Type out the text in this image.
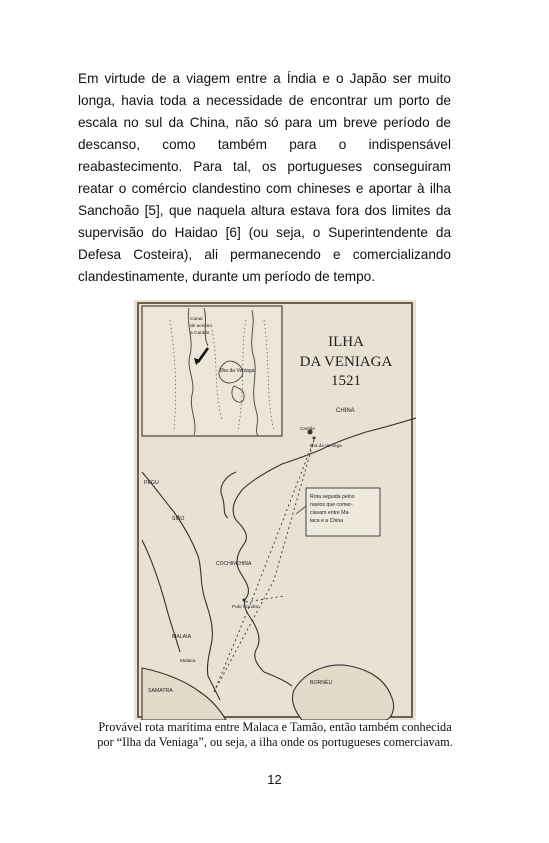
Em virtude de a viagem entre a Índia e o Japão ser muito
longa, havia toda a necessidade de encontrar um porto de
escala no sul da China, não só para um breve período de
descanso, como também para o indispensável
reabastecimento. Para tal, os portugueses conseguiram
reatar o comércio clandestino com chineses e aportar à ilha
Sanchoão [5], que naquela altura estava fora dos limites da
supervisão do Haidao [6] (ou seja, o Superintendente da
Defesa Costeira), ali permanecendo e comercializando
clandestinamente, durante um período de tempo.
Canal
de acesso
a Cantão
Ilha da Veniaga
ILHA
DA VENIAGA
1521
Rota seguida pelos
navios que comer-
ciavam entre Ma-
laca e a China
CHINA
Cantão
Ilha da Veniaga
PEGU
SIÃO
COCHINCHINA
Pulo Condor
MALAIA
Malaca
SAMATRA
BORNÉU

Provável rota marítima entre Malaca e Tamão, então também conhecida
por “Ilha da Veniaga”, ou seja, a ilha onde os portugueses comerciavam.

12
